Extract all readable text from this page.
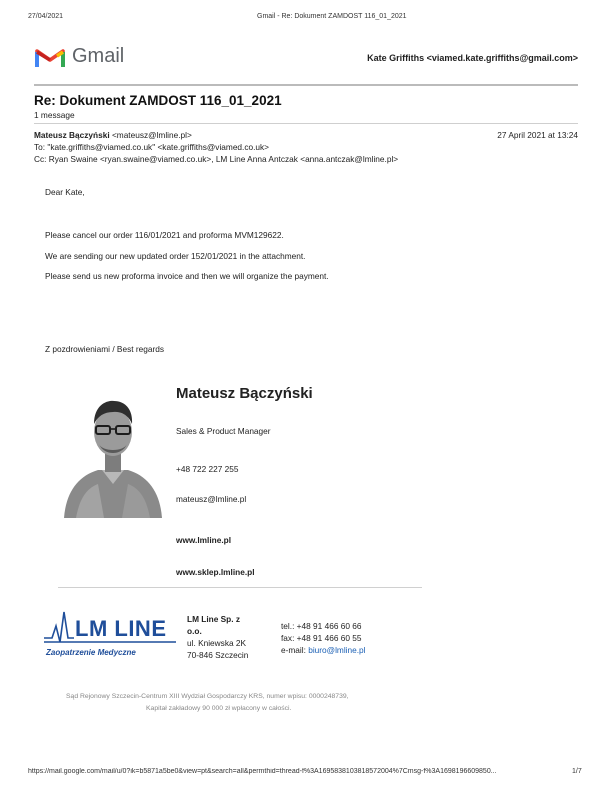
27/04/2021	Gmail - Re: Dokument ZAMDOST 116_01_2021
Gmail	Kate Griffiths <viamed.kate.griffiths@gmail.com>
Re: Dokument ZAMDOST 116_01_2021
1 message
Mateusz Bączyński <mateusz@lmline.pl>	27 April 2021 at 13:24
To: "kate.griffiths@viamed.co.uk" <kate.griffiths@viamed.co.uk>
Cc: Ryan Swaine <ryan.swaine@viamed.co.uk>, LM Line Anna Antczak <anna.antczak@lmline.pl>
Dear Kate,
Please cancel our order 116/01/2021 and proforma MVM129622.
We are sending our new updated order 152/01/2021 in the attachment.
Please send us new proforma invoice and then we will organize the payment.
Z pozdrowieniami / Best regards
Mateusz Bączyński
Sales & Product Manager
+48 722 227 255
mateusz@lmline.pl
www.lmline.pl
www.sklep.lmline.pl
LM LINE
Zaopatrzenie Medyczne
LM Line Sp. z
o.o.
ul. Kniewska 2K
70-846 Szczecin
tel.: +48 91 466 60 66
fax: +48 91 466 60 55
e-mail: biuro@lmline.pl
Sąd Rejonowy Szczecin-Centrum XIII Wydział Gospodarczy KRS, numer wpisu: 0000248739,
Kapitał zakładowy 90 000 zł wpłacony w całości.
https://mail.google.com/mail/u/0?ik=b5871a5be0&view=pt&search=all&permthid=thread-f%3A1695838103818572004%7Cmsg-f%3A1698196609850...	1/7
